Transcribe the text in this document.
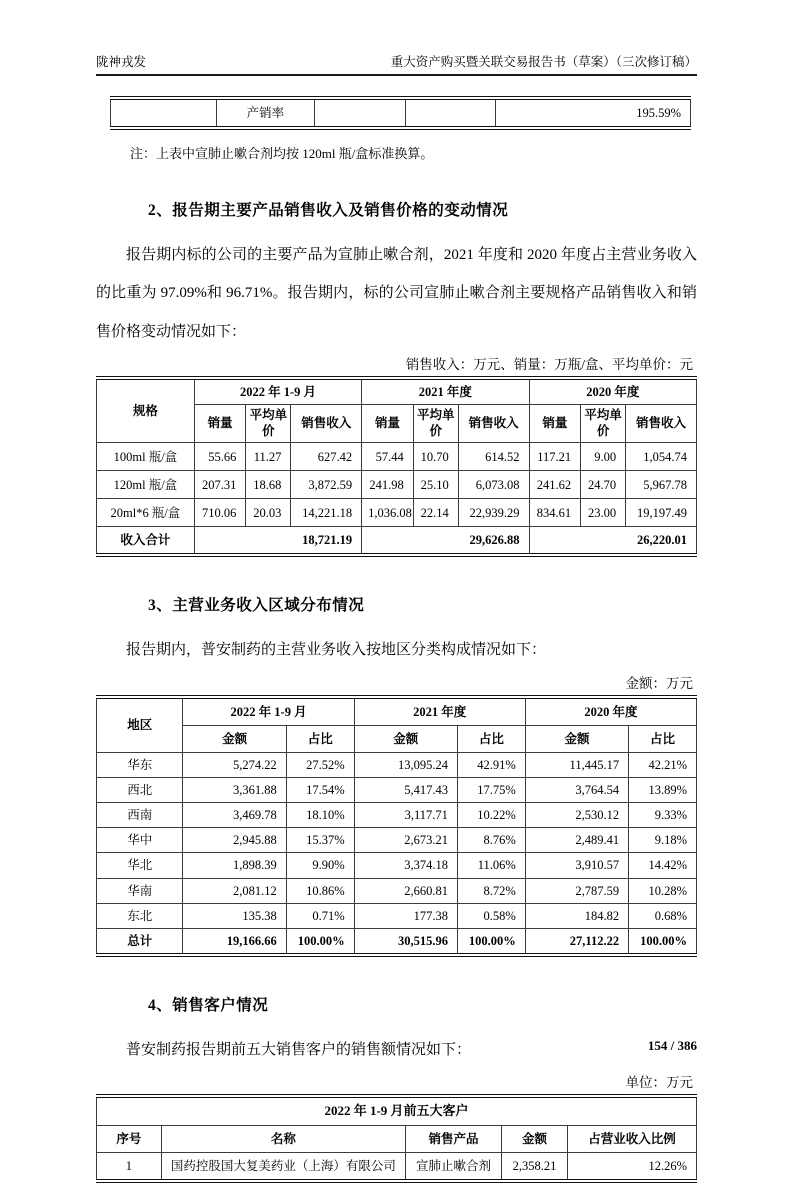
陇神戎发	重大资产购买暨关联交易报告书（草案）（三次修订稿）
	产销率			195.59%
注：上表中宣肺止嗽合剂均按 120ml 瓶/盒标准换算。
2、报告期主要产品销售收入及销售价格的变动情况
报告期内标的公司的主要产品为宣肺止嗽合剂，2021 年度和 2020 年度占主营业务收入的比重为 97.09%和 96.71%。报告期内，标的公司宣肺止嗽合剂主要规格产品销售收入和销售价格变动情况如下：
销售收入：万元、销量：万瓶/盒、平均单价：元
规格	2022 年 1-9 月			2021 年度			2020 年度		
	销量	平均单价	销售收入	销量	平均单价	销售收入	销量	平均单价	销售收入
100ml 瓶/盒	55.66	11.27	627.42	57.44	10.70	614.52	117.21	9.00	1,054.74
120ml 瓶/盒	207.31	18.68	3,872.59	241.98	25.10	6,073.08	241.62	24.70	5,967.78
20ml*6 瓶/盒	710.06	20.03	14,221.18	1,036.08	22.14	22,939.29	834.61	23.00	19,197.49
收入合计	18,721.19			29,626.88			26,220.01		
3、主营业务收入区域分布情况
报告期内，普安制药的主营业务收入按地区分类构成情况如下：
金额：万元
地区	2022 年 1-9 月		2021 年度		2020 年度	
	金额	占比	金额	占比	金额	占比
华东	5,274.22	27.52%	13,095.24	42.91%	11,445.17	42.21%
西北	3,361.88	17.54%	5,417.43	17.75%	3,764.54	13.89%
西南	3,469.78	18.10%	3,117.71	10.22%	2,530.12	9.33%
华中	2,945.88	15.37%	2,673.21	8.76%	2,489.41	9.18%
华北	1,898.39	9.90%	3,374.18	11.06%	3,910.57	14.42%
华南	2,081.12	10.86%	2,660.81	8.72%	2,787.59	10.28%
东北	135.38	0.71%	177.38	0.58%	184.82	0.68%
总计	19,166.66	100.00%	30,515.96	100.00%	27,112.22	100.00%
4、销售客户情况
普安制药报告期前五大销售客户的销售额情况如下：
单位：万元
2022 年 1-9 月前五大客户				
序号	名称	销售产品	金额	占营业收入比例
1	国药控股国大复美药业（上海）有限公司	宣肺止嗽合剂	2,358.21	12.26%
154 / 386
